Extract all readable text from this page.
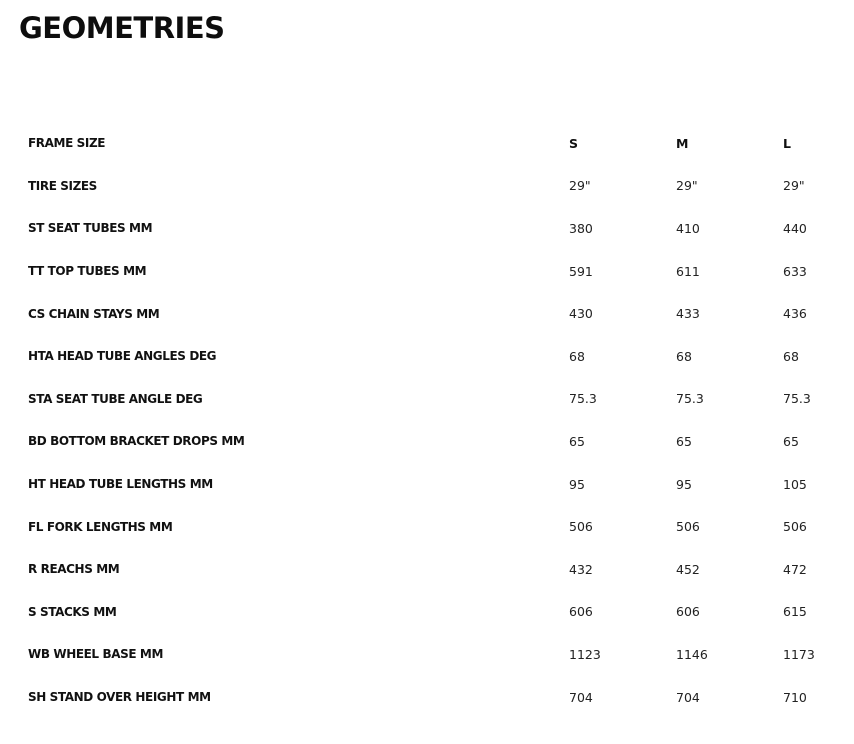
GEOMETRIES
FRAME SIZE	S	M	L
TIRE SIZES	29"	29"	29"
ST SEAT TUBES MM	380	410	440
TT TOP TUBES MM	591	611	633
CS CHAIN STAYS MM	430	433	436
HTA HEAD TUBE ANGLES DEG	68	68	68
STA SEAT TUBE ANGLE DEG	75.3	75.3	75.3
BD BOTTOM BRACKET DROPS MM	65	65	65
HT HEAD TUBE LENGTHS MM	95	95	105
FL FORK LENGTHS MM	506	506	506
R REACHS MM	432	452	472
S STACKS MM	606	606	615
WB WHEEL BASE MM	1123	1146	1173
SH STAND OVER HEIGHT MM	704	704	710
